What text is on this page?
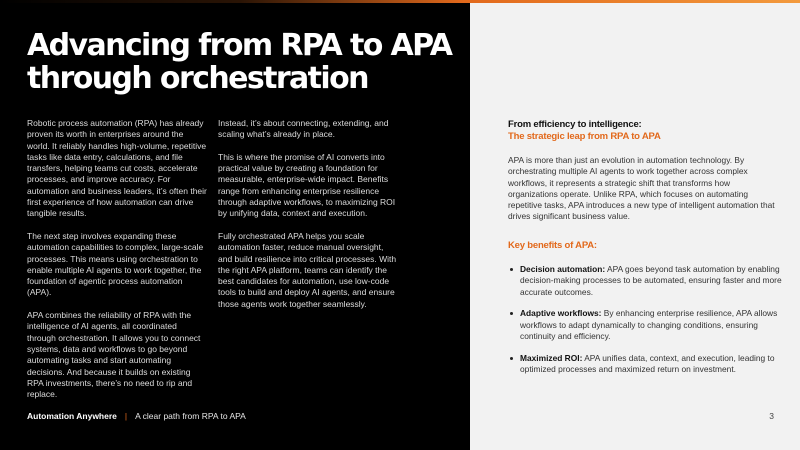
Advancing from RPA to APA through orchestration

Robotic process automation (RPA) has already proven its worth in enterprises around the world. It reliably handles high-volume, repetitive tasks like data entry, calculations, and file transfers, helping teams cut costs, accelerate processes, and improve accuracy. For automation and business leaders, it’s often their first experience of how automation can drive tangible results.

The next step involves expanding these automation capabilities to complex, large-scale processes. This means using orchestration to enable multiple AI agents to work together, the foundation of agentic process automation (APA).

APA combines the reliability of RPA with the intelligence of AI agents, all coordinated through orchestration. It allows you to connect systems, data and workflows to go beyond automating tasks and start automating decisions. And because it builds on existing RPA investments, there’s no need to rip and replace.

Instead, it’s about connecting, extending, and scaling what’s already in place.

This is where the promise of AI converts into practical value by creating a foundation for measurable, enterprise-wide impact. Benefits range from enhancing enterprise resilience through adaptive workflows, to maximizing ROI by unifying data, context and execution.

Fully orchestrated APA helps you scale automation faster, reduce manual oversight, and build resilience into critical processes. With the right APA platform, teams can identify the best candidates for automation, use low-code tools to build and deploy AI agents, and ensure those agents work together seamlessly.

Automation Anywhere | A clear path from RPA to APA
From efficiency to intelligence:
The strategic leap from RPA to APA

APA is more than just an evolution in automation technology. By orchestrating multiple AI agents to work together across complex workflows, it represents a strategic shift that transforms how organizations operate. Unlike RPA, which focuses on automating repetitive tasks, APA introduces a new type of intelligent automation that drives significant business value.

Key benefits of APA:
Decision automation: APA goes beyond task automation by enabling decision-making processes to be automated, ensuring faster and more accurate outcomes.
Adaptive workflows: By enhancing enterprise resilience, APA allows workflows to adapt dynamically to changing conditions, ensuring continuity and efficiency.
Maximized ROI: APA unifies data, context, and execution, leading to optimized processes and maximized return on investment.
3
